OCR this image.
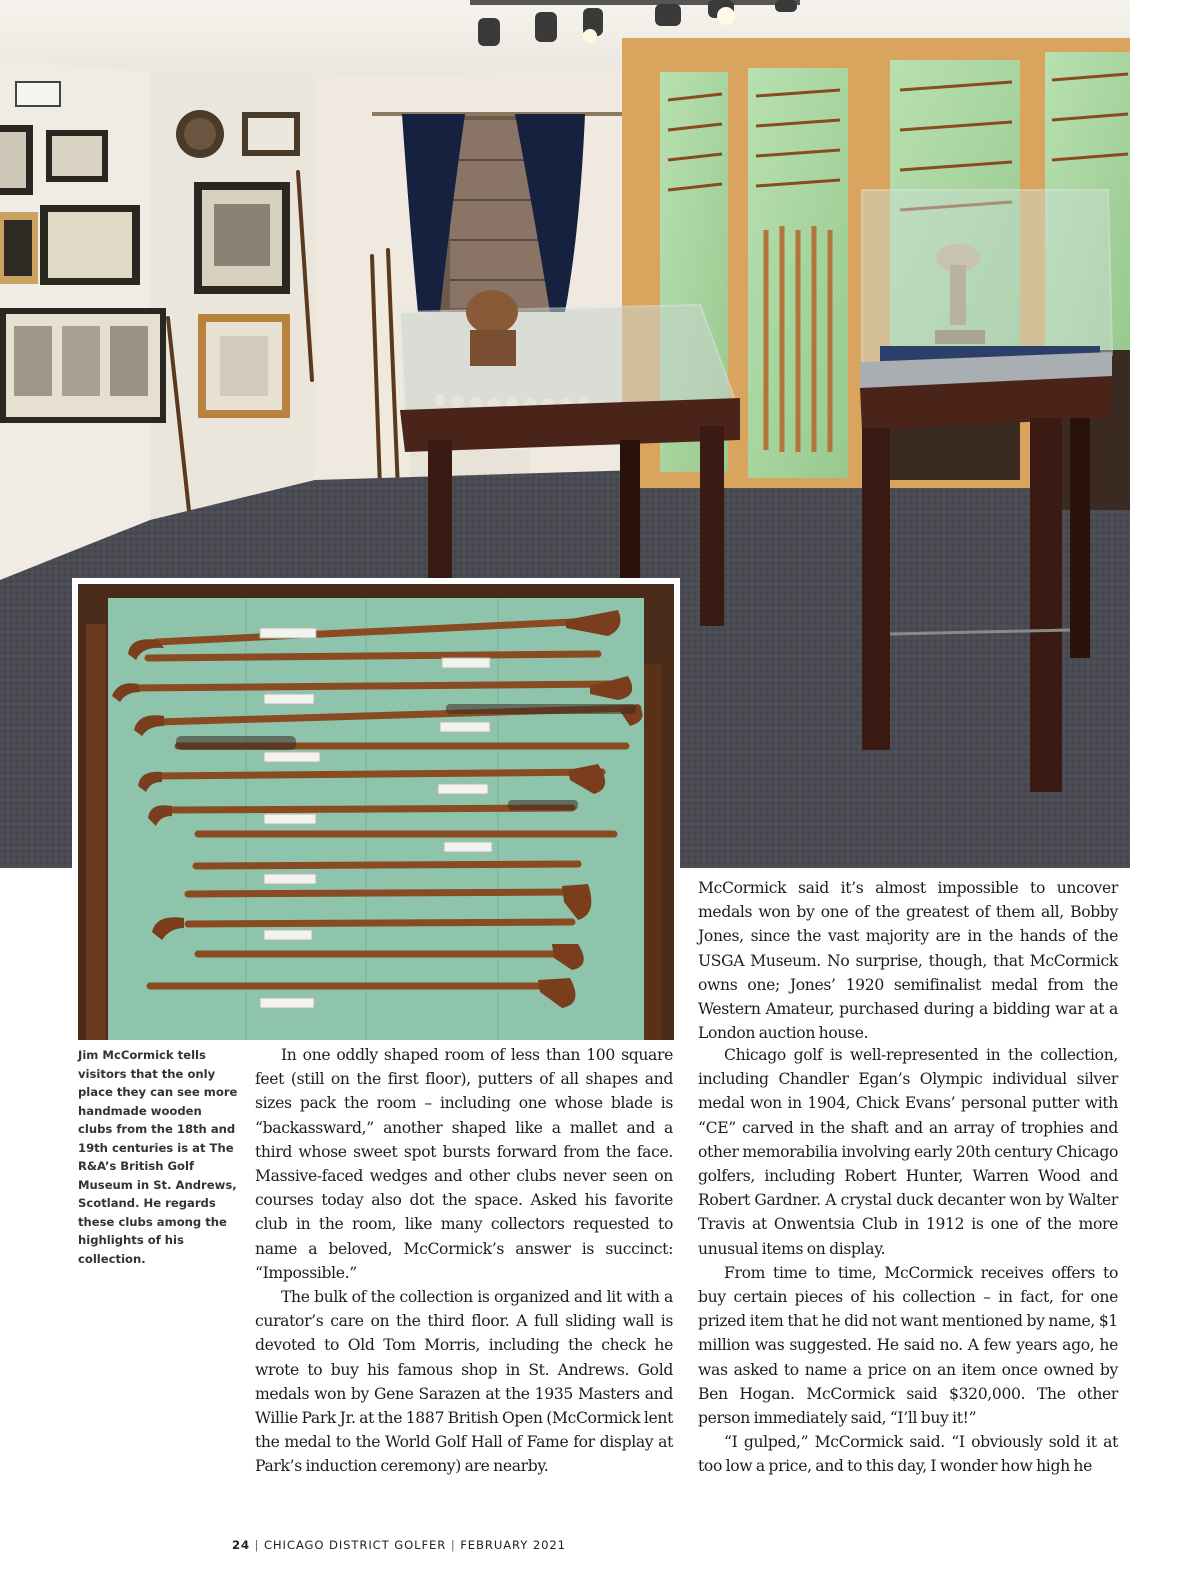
Jim McCormick tells visitors that the only place they can see more handmade wooden clubs from the 18th and 19th centuries is at The R&A’s British Golf Museum in St. Andrews, Scotland. He regards these clubs among the highlights of his collection.

McCormick said it’s almost impossible to uncover medals won by one of the greatest of them all, Bobby Jones, since the vast majority are in the hands of the USGA Museum. No surprise, though, that McCormick owns one; Jones’ 1920 semifinalist medal from the Western Amateur, purchased during a bidding war at a London auction house.

In one oddly shaped room of less than 100 square feet (still on the first floor), putters of all shapes and sizes pack the room – including one whose blade is “backassward,” another shaped like a mallet and a third whose sweet spot bursts forward from the face. Massive-faced wedges and other clubs never seen on courses today also dot the space. Asked his favorite club in the room, like many collectors requested to name a beloved, McCormick’s answer is succinct: “Impossible.”

The bulk of the collection is organized and lit with a curator’s care on the third floor. A full sliding wall is devoted to Old Tom Morris, including the check he wrote to buy his famous shop in St. Andrews. Gold medals won by Gene Sarazen at the 1935 Masters and Willie Park Jr. at the 1887 British Open (McCormick lent the medal to the World Golf Hall of Fame for display at Park’s induction ceremony) are nearby.

Chicago golf is well-represented in the collection, including Chandler Egan’s Olympic individual silver medal won in 1904, Chick Evans’ personal putter with “CE” carved in the shaft and an array of trophies and other memorabilia involving early 20th century Chicago golfers, including Robert Hunter, Warren Wood and Robert Gardner. A crystal duck decanter won by Walter Travis at Onwentsia Club in 1912 is one of the more unusual items on display.

From time to time, McCormick receives offers to buy certain pieces of his collection – in fact, for one prized item that he did not want mentioned by name, $1 million was suggested. He said no. A few years ago, he was asked to name a price on an item once owned by Ben Hogan. McCormick said $320,000. The other person immediately said, “I’ll buy it!”

“I gulped,” McCormick said. “I obviously sold it at too low a price, and to this day, I wonder how high he

24 | CHICAGO DISTRICT GOLFER | FEBRUARY 2021
